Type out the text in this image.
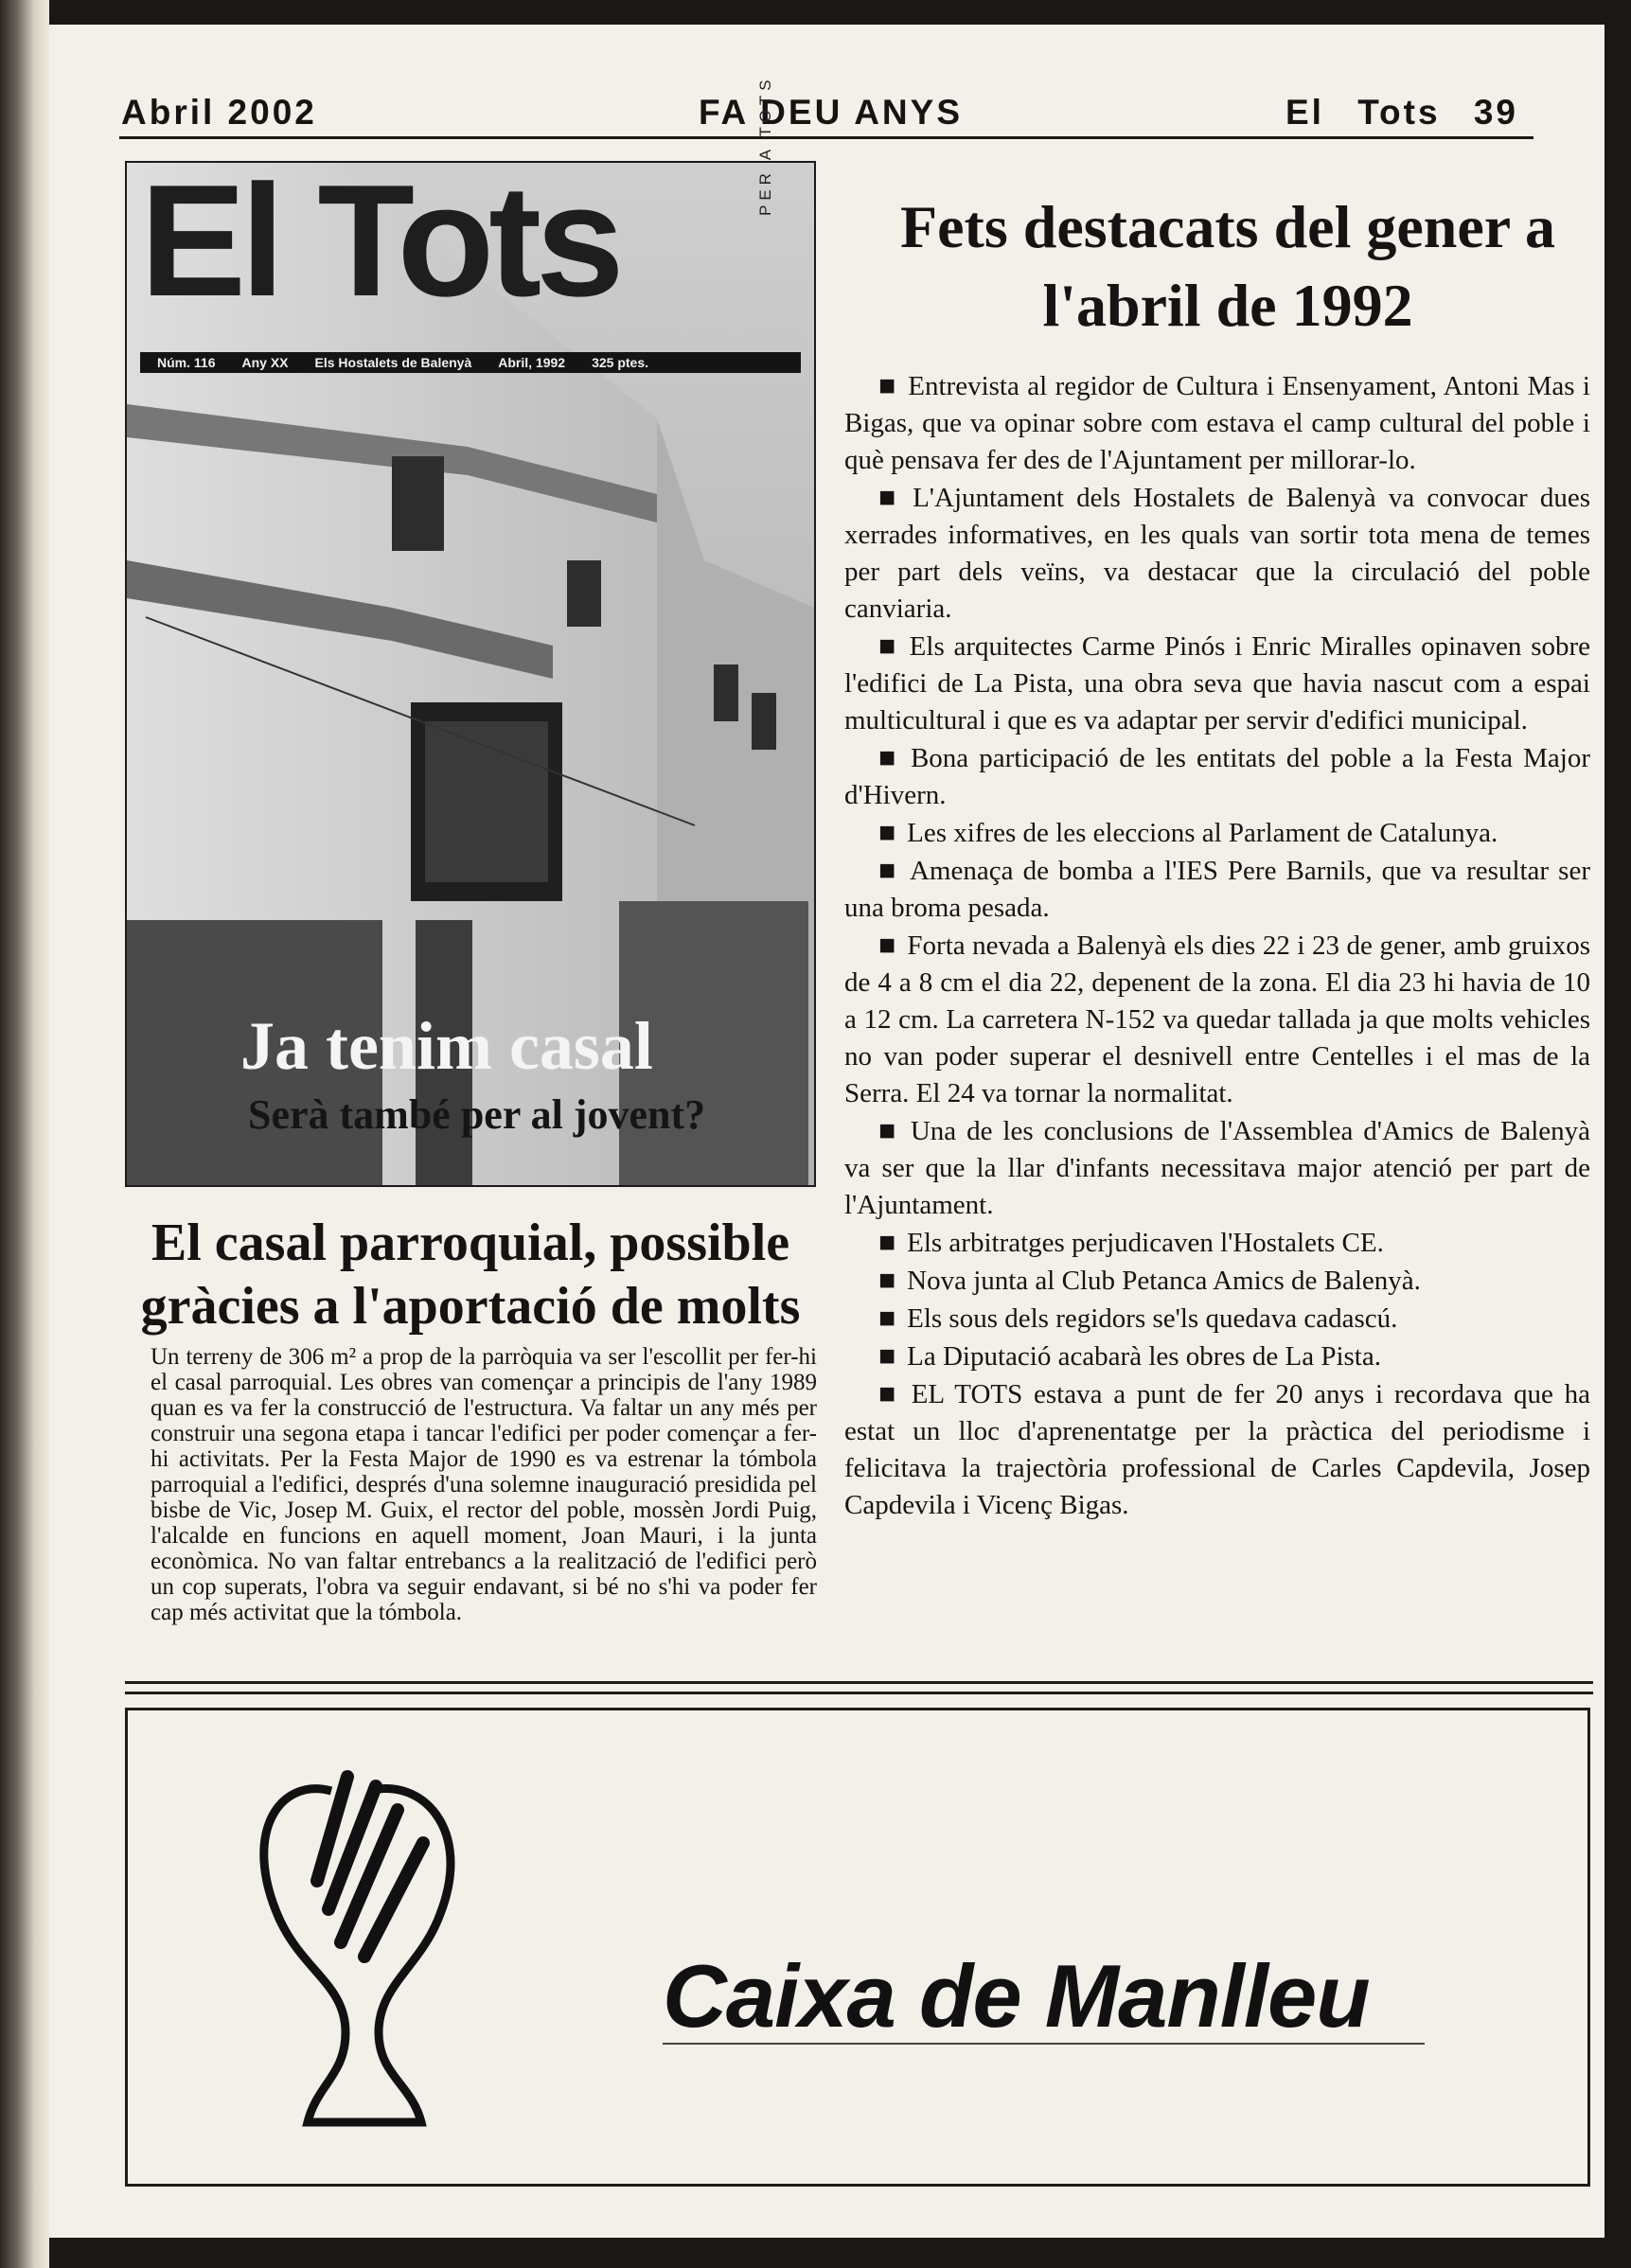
Abril 2002	FA DEU ANYS	El Tots 39
El Tots
PER A TOTS
Núm. 116 Any XX Els Hostalets de Balenyà Abril, 1992 325 ptes.
Ja tenim casal
Serà també per al jovent?
El casal parroquial, possible gràcies a l'aportació de molts
Un terreny de 306 m² a prop de la parròquia va ser l'escollit per fer-hi el casal parroquial. Les obres van començar a principis de l'any 1989 quan es va fer la construcció de l'estructura. Va faltar un any més per construir una segona etapa i tancar l'edifici per poder començar a fer-hi activitats. Per la Festa Major de 1990 es va estrenar la tómbola parroquial a l'edifici, després d'una solemne inauguració presidida pel bisbe de Vic, Josep M. Guix, el rector del poble, mossèn Jordi Puig, l'alcalde en funcions en aquell moment, Joan Mauri, i la junta econòmica. No van faltar entrebancs a la realització de l'edifici però un cop superats, l'obra va seguir endavant, si bé no s'hi va poder fer cap més activitat que la tómbola.
Fets destacats del gener a l'abril de 1992

■ Entrevista al regidor de Cultura i Ensenyament, Antoni Mas i Bigas, que va opinar sobre com estava el camp cultural del poble i què pensava fer des de l'Ajuntament per millorar-lo.

■ L'Ajuntament dels Hostalets de Balenyà va convocar dues xerrades informatives, en les quals van sortir tota mena de temes per part dels veïns, va destacar que la circulació del poble canviaria.

■ Els arquitectes Carme Pinós i Enric Miralles opinaven sobre l'edifici de La Pista, una obra seva que havia nascut com a espai multicultural i que es va adaptar per servir d'edifici municipal.

■ Bona participació de les entitats del poble a la Festa Major d'Hivern.

■ Les xifres de les eleccions al Parlament de Catalunya.

■ Amenaça de bomba a l'IES Pere Barnils, que va resultar ser una broma pesada.

■ Forta nevada a Balenyà els dies 22 i 23 de gener, amb gruixos de 4 a 8 cm el dia 22, depenent de la zona. El dia 23 hi havia de 10 a 12 cm. La carretera N-152 va quedar tallada ja que molts vehicles no van poder superar el desnivell entre Centelles i el mas de la Serra. El 24 va tornar la normalitat.

■ Una de les conclusions de l'Assemblea d'Amics de Balenyà va ser que la llar d'infants necessitava major atenció per part de l'Ajuntament.

■ Els arbitratges perjudicaven l'Hostalets CE.

■ Nova junta al Club Petanca Amics de Balenyà.

■ Els sous dels regidors se'ls quedava cadascú.

■ La Diputació acabarà les obres de La Pista.

■ EL TOTS estava a punt de fer 20 anys i recordava que ha estat un lloc d'aprenentatge per la pràctica del periodisme i felicitava la trajectòria professional de Carles Capdevila, Josep Capdevila i Vicenç Bigas.

Caixa de Manlleu
